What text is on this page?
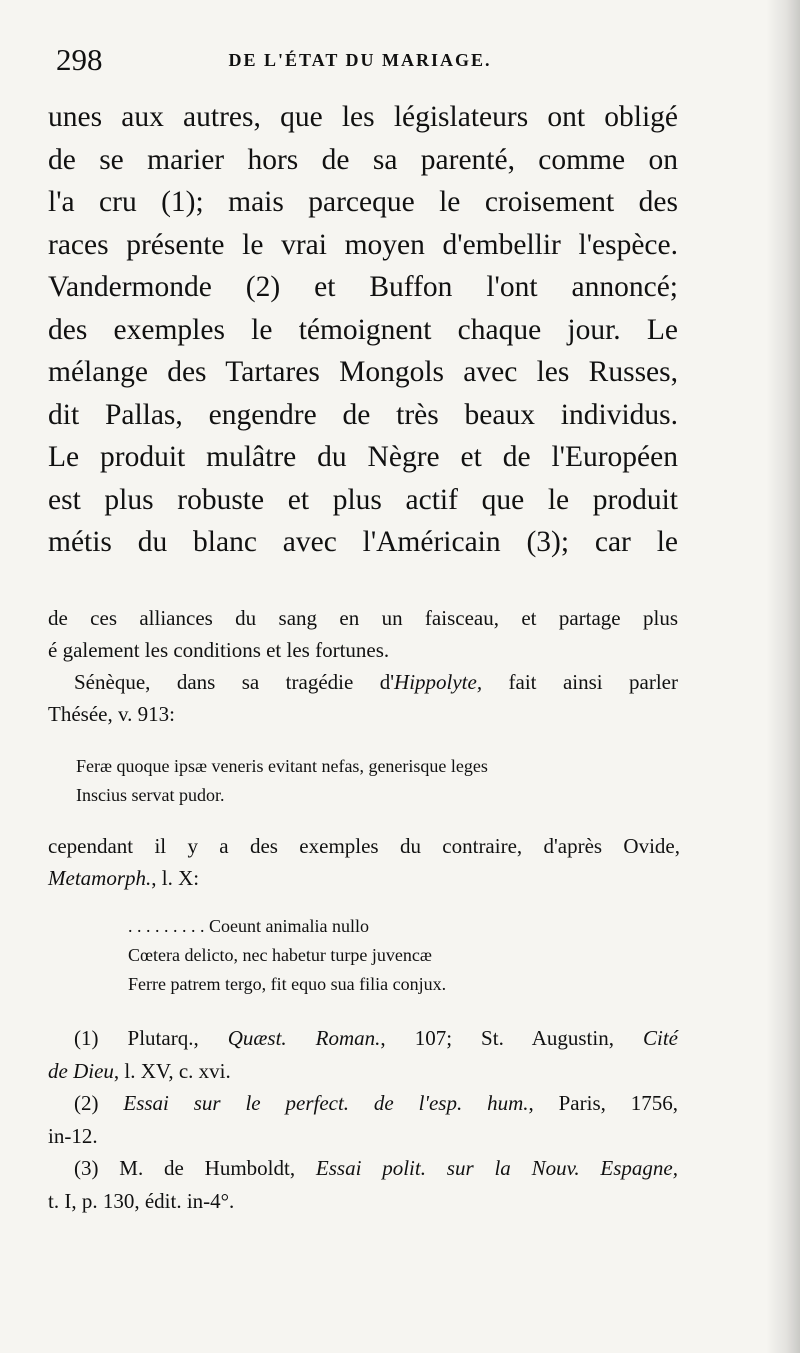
298	DE L'ÉTAT DU MARIAGE.
unes aux autres, que les législateurs ont obligé
de se marier hors de sa parenté, comme on
l'a cru (1); mais parceque le croisement des
races présente le vrai moyen d'embellir l'espèce.
Vandermonde (2) et Buffon l'ont annoncé;
des exemples le témoignent chaque jour. Le
mélange des Tartares Mongols avec les Russes,
dit Pallas, engendre de très beaux individus.
Le produit mulâtre du Nègre et de l'Européen
est plus robuste et plus actif que le produit
métis du blanc avec l'Américain (3); car le
de ces alliances du sang en un faisceau, et partage plus
é galement les conditions et les fortunes.
Sénèque, dans sa tragédie d'Hippolyte, fait ainsi parler
Thésée, v. 913:
Feræ quoque ipsæ veneris evitant nefas, generisque leges
Inscius servat pudor.
cependant il y a des exemples du contraire, d'après Ovide,
Metamorph., l. X:
. . . . . . . . . Coeunt animalia nullo
Cœtera delicto, nec habetur turpe juvencæ
Ferre patrem tergo, fit equo sua filia conjux.
(1) Plutarq., Quæst. Roman., 107; St. Augustin, Cité
de Dieu, l. XV, c. xvi.
(2) Essai sur le perfect. de l'esp. hum., Paris, 1756,
in-12.
(3) M. de Humboldt, Essai polit. sur la Nouv. Espagne,
t. I, p. 130, édit. in-4°.
